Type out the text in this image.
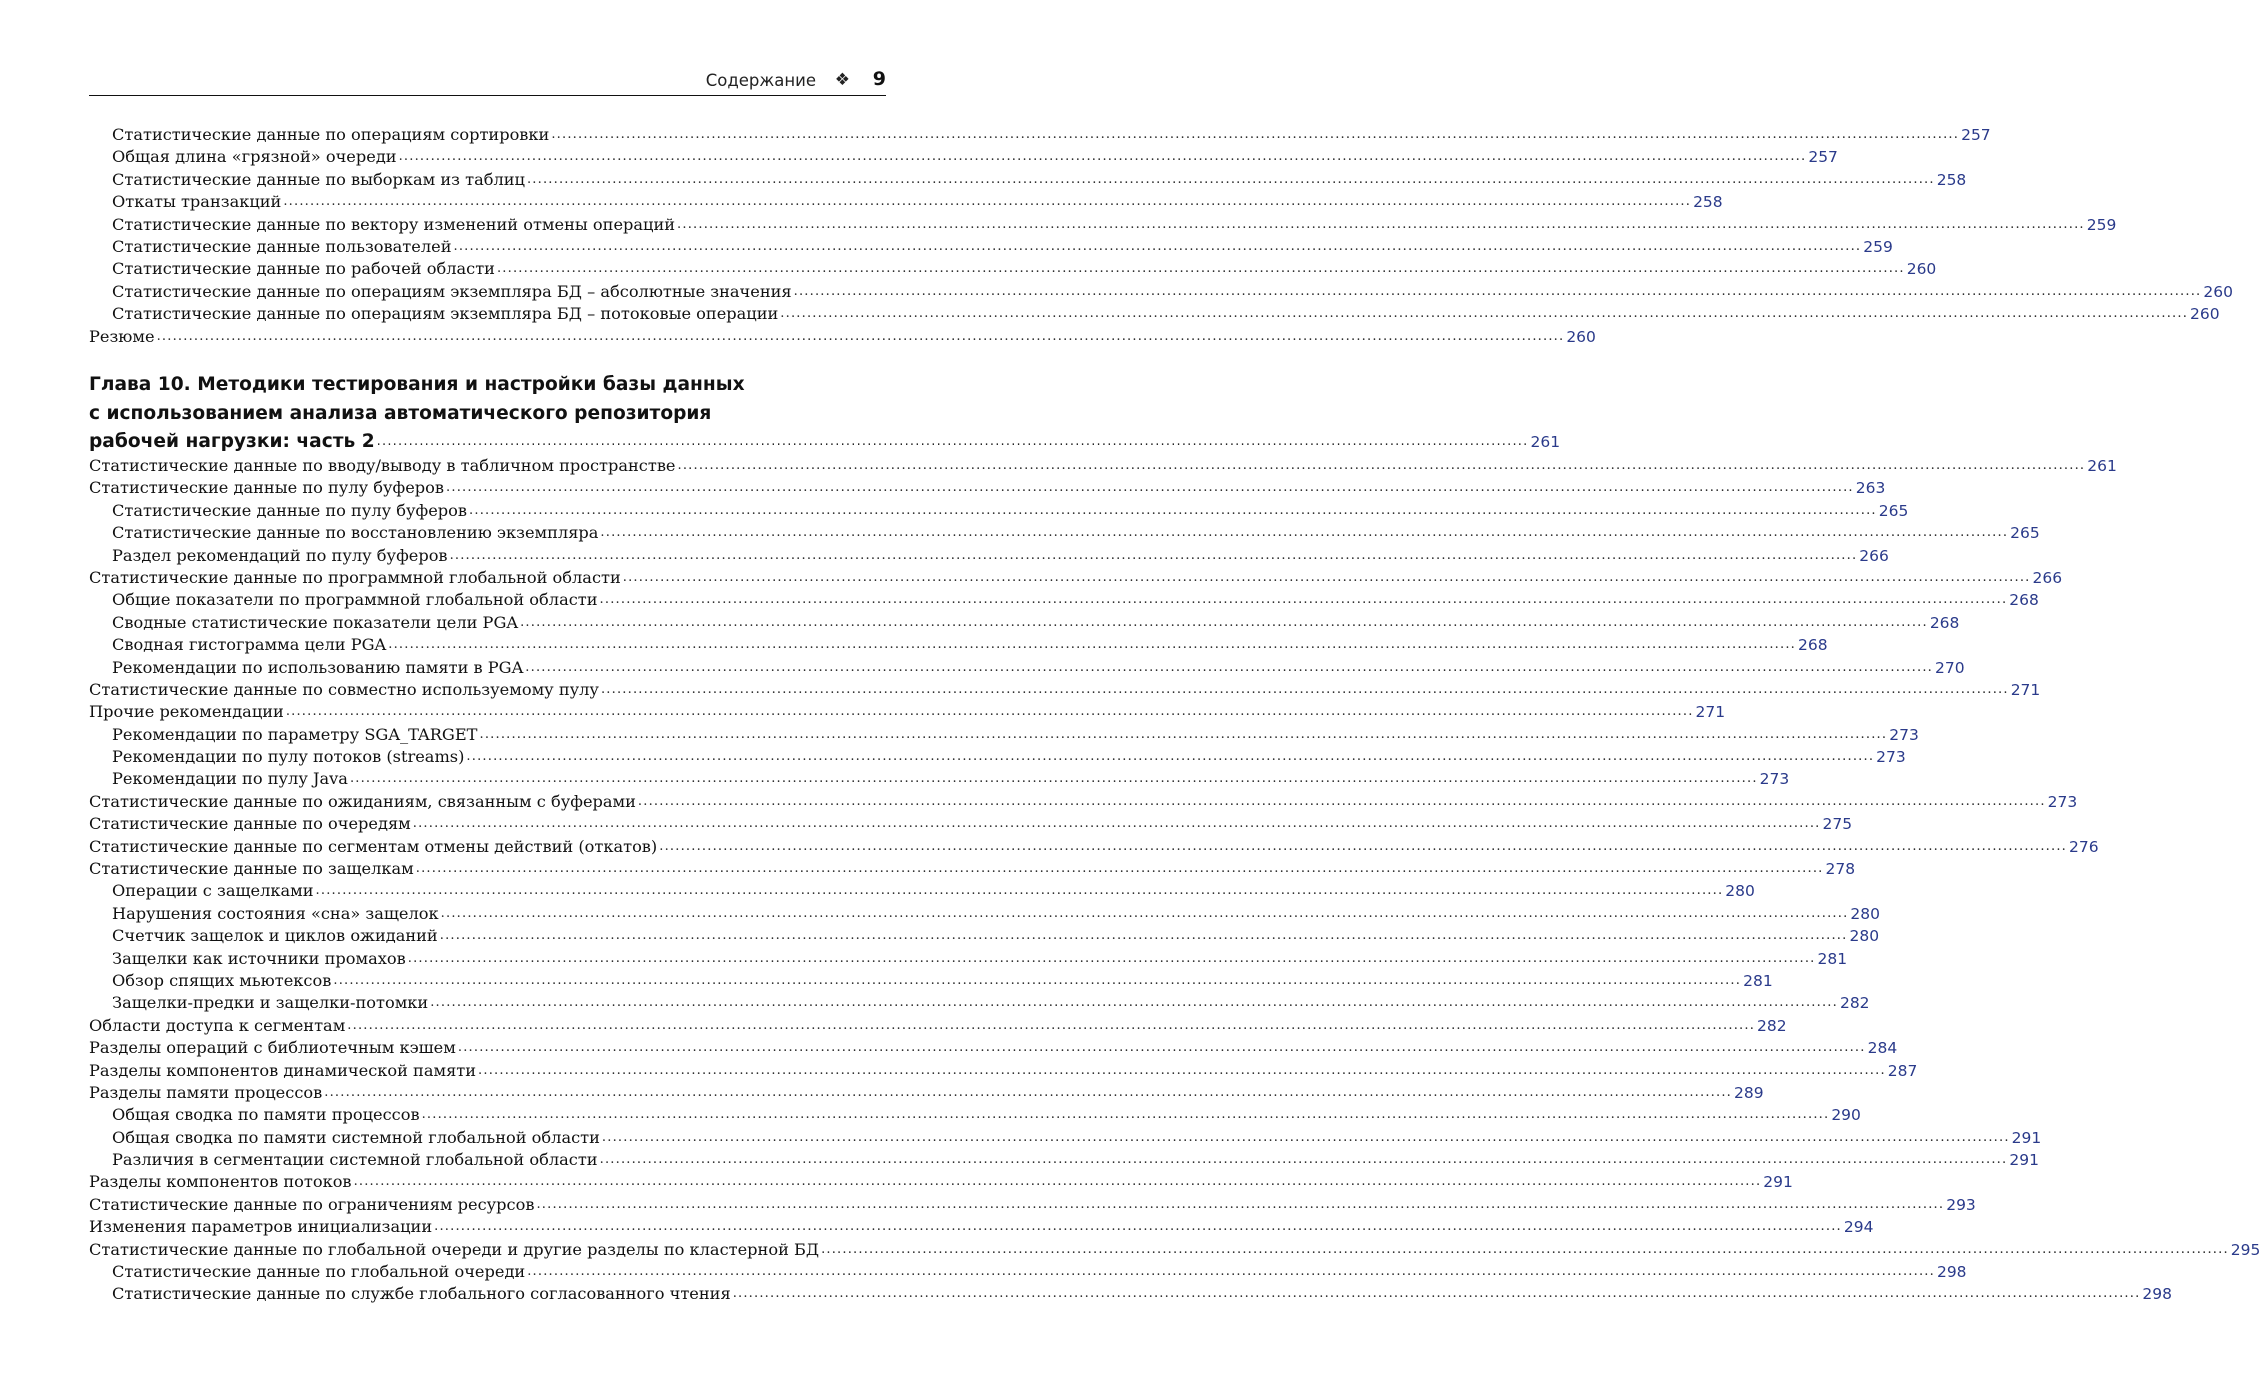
Содержание ❖ 9
Статистические данные по операциям сортировки .....	257
Общая длина «грязной» очереди .....	257
Статистические данные по выборкам из таблиц .....	258
Откаты транзакций .....	258
Статистические данные по вектору изменений отмены операций .....	259
Статистические данные пользователей .....	259
Статистические данные по рабочей области .....	260
Статистические данные по операциям экземпляра БД – абсолютные значения .....	260
Статистические данные по операциям экземпляра БД – потоковые операции .....	260
Резюме .....	260
Глава 10. Методики тестирования и настройки базы данных
с использованием анализа автоматического репозитория
рабочей нагрузки: часть 2 .....	261
Статистические данные по вводу/выводу в табличном пространстве .....	261
Статистические данные по пулу буферов .....	263
Статистические данные по пулу буферов .....	265
Статистические данные по восстановлению экземпляра .....	265
Раздел рекомендаций по пулу буферов .....	266
Статистические данные по программной глобальной области .....	266
Общие показатели по программной глобальной области .....	268
Сводные статистические показатели цели PGA .....	268
Сводная гистограмма цели PGA .....	268
Рекомендации по использованию памяти в PGA .....	270
Статистические данные по совместно используемому пулу .....	271
Прочие рекомендации .....	271
Рекомендации по параметру SGA_TARGET .....	273
Рекомендации по пулу потоков (streams) .....	273
Рекомендации по пулу Java .....	273
Статистические данные по ожиданиям, связанным с буферами .....	273
Статистические данные по очередям .....	275
Статистические данные по сегментам отмены действий (откатов) .....	276
Статистические данные по защелкам .....	278
Операции с защелками .....	280
Нарушения состояния «сна» защелок .....	280
Счетчик защелок и циклов ожиданий .....	280
Защелки как источники промахов .....	281
Обзор спящих мьютексов .....	281
Защелки-предки и защелки-потомки .....	282
Области доступа к сегментам .....	282
Разделы операций с библиотечным кэшем .....	284
Разделы компонентов динамической памяти .....	287
Разделы памяти процессов .....	289
Общая сводка по памяти процессов .....	290
Общая сводка по памяти системной глобальной области .....	291
Различия в сегментации системной глобальной области .....	291
Разделы компонентов потоков .....	291
Статистические данные по ограничениям ресурсов .....	293
Изменения параметров инициализации .....	294
Статистические данные по глобальной очереди и другие разделы по кластерной БД .....	295
Статистические данные по глобальной очереди .....	298
Статистические данные по службе глобального согласованного чтения .....	298
